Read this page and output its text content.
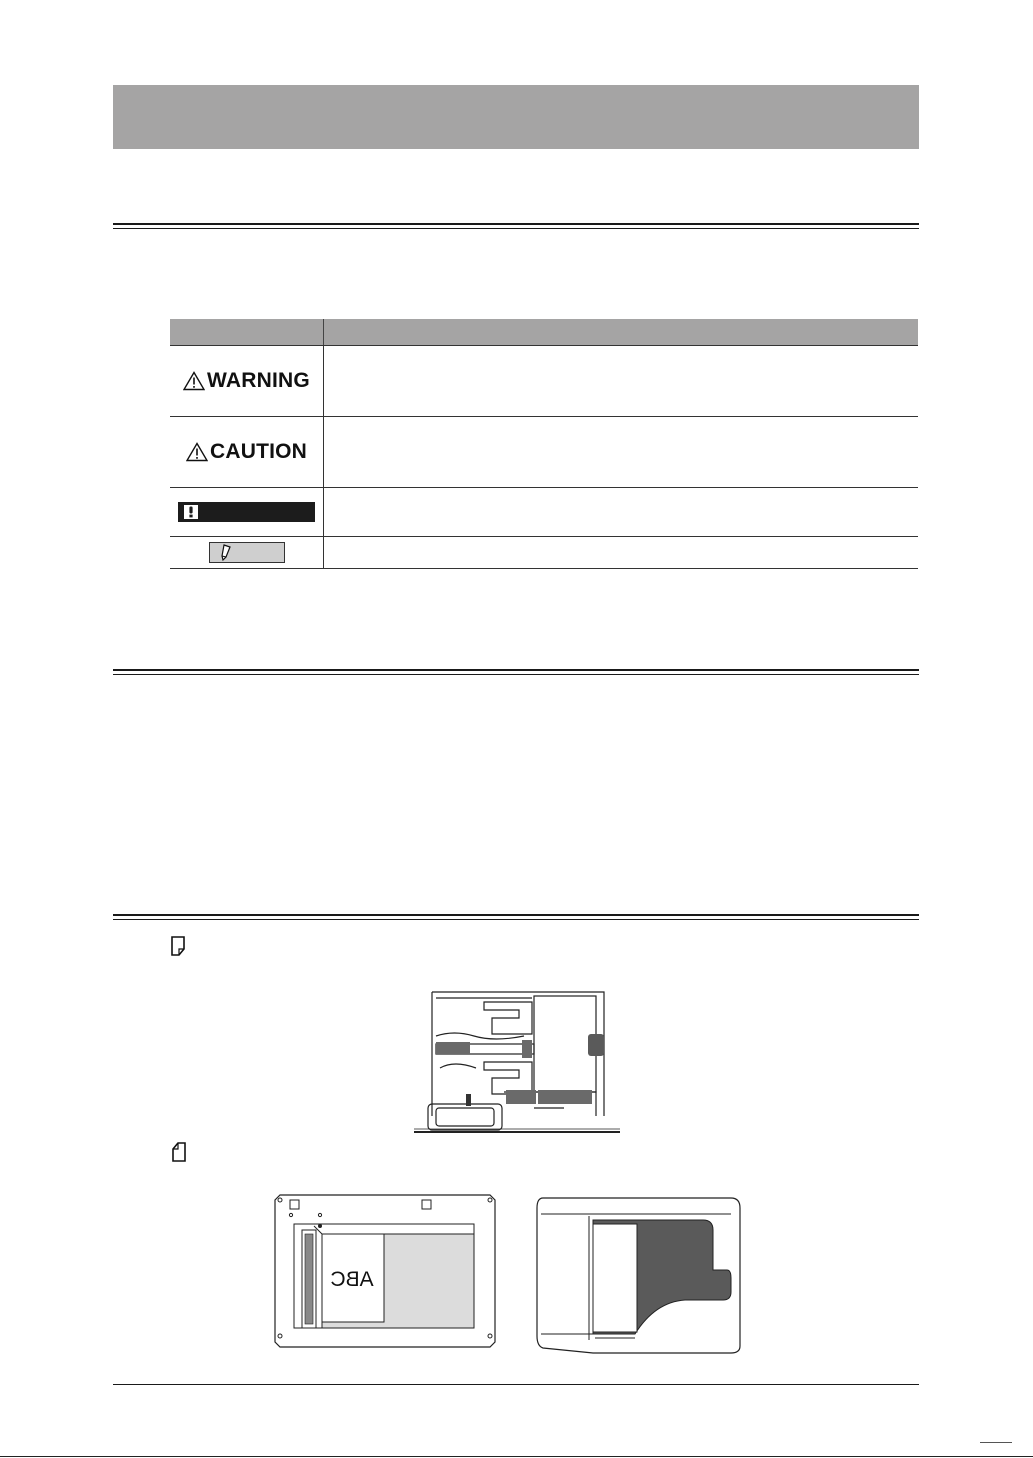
WARNING
CAUTION
ABC
